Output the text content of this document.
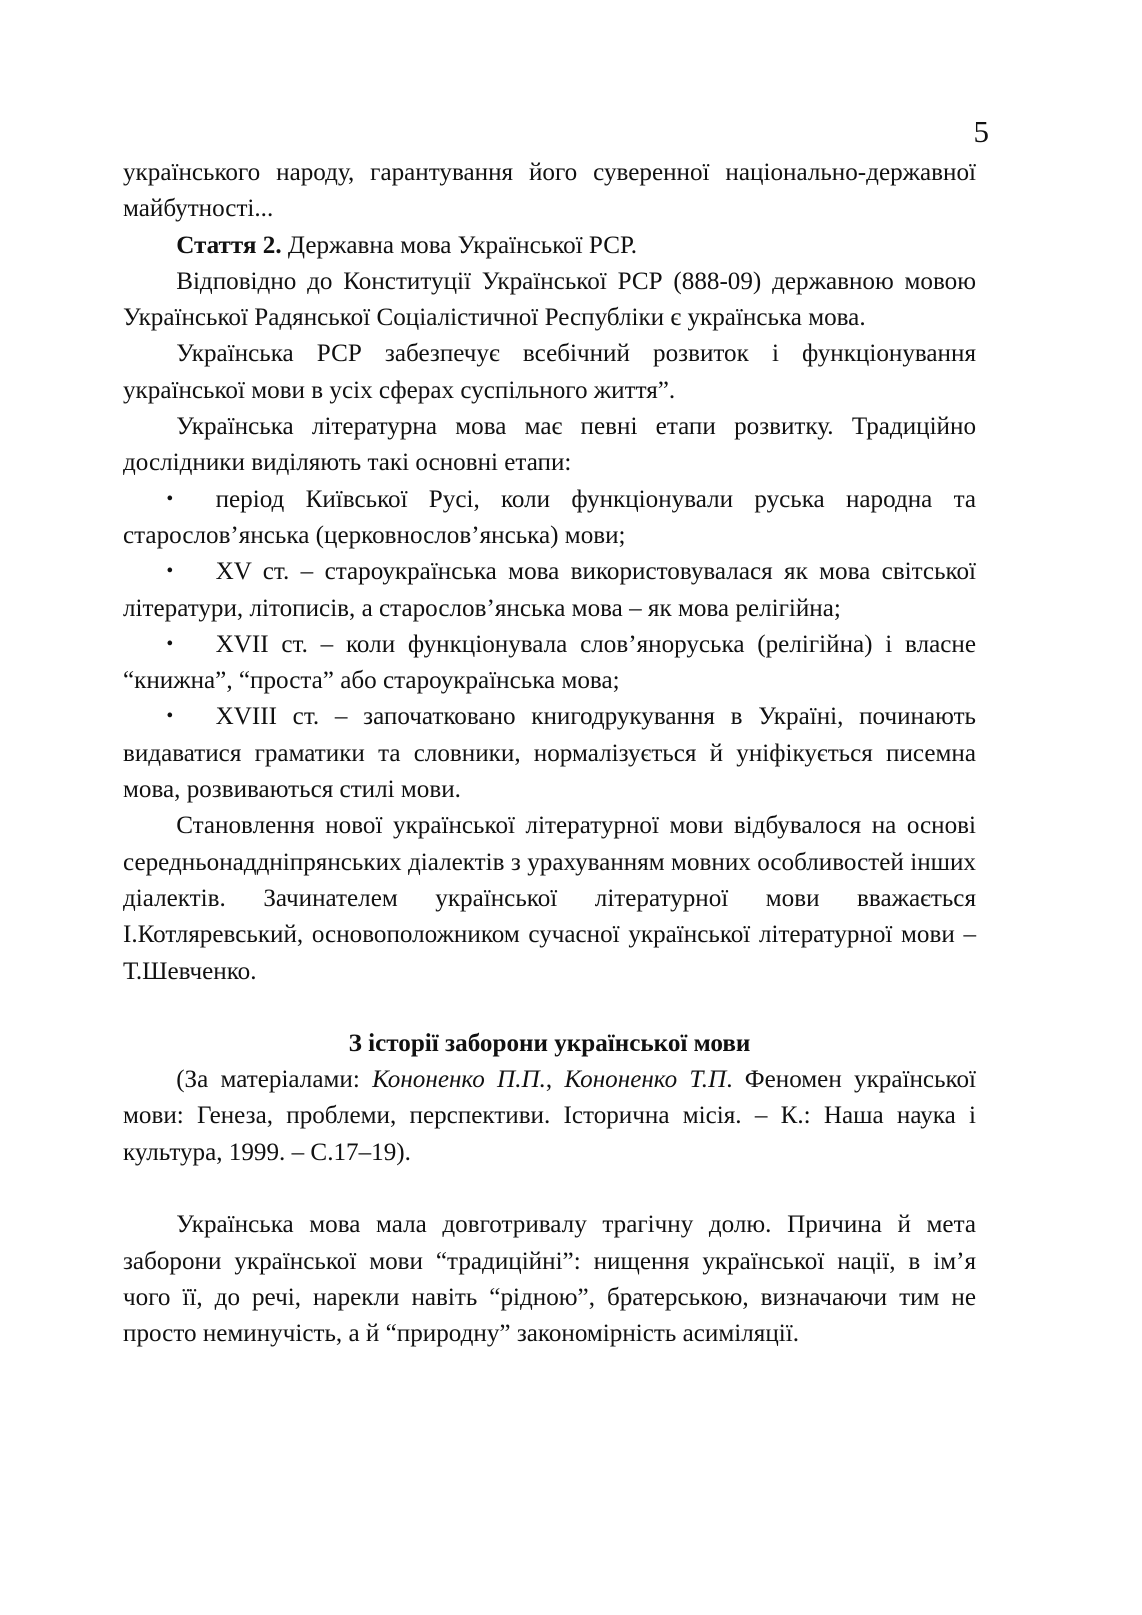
5

українського народу, гарантування його суверенної національно-державної майбутності...

Стаття 2. Державна мова Української РСР.

Відповідно до Конституції Української РСР (888-09) державною мовою Української Радянської Соціалістичної Республіки є українська мова.

Українська РСР забезпечує всебічний розвиток і функціонування української мови в усіх сферах суспільного життя”.

Українська літературна мова має певні етапи розвитку. Традиційно дослідники виділяють такі основні етапи:

• період Київської Русі, коли функціонували руська народна та старослов’янська (церковнослов’янська) мови;

• XV ст. – староукраїнська мова використовувалася як мова світської літератури, літописів, а старослов’янська мова – як мова релігійна;

• XVII ст. – коли функціонувала слов’яноруська (релігійна) і власне “книжна”, “проста” або староукраїнська мова;

• XVIII ст. – започатковано книгодрукування в Україні, починають видаватися граматики та словники, нормалізується й уніфікується писемна мова, розвиваються стилі мови.

Становлення нової української літературної мови відбувалося на основі середньонаддніпрянських діалектів з урахуванням мовних особливостей інших діалектів. Зачинателем української літературної мови вважається І.Котляревський, основоположником сучасної української літературної мови – Т.Шевченко.

З історії заборони української мови

(За матеріалами: Кононенко П.П., Кононенко Т.П. Феномен української мови: Генеза, проблеми, перспективи. Історична місія. – К.: Наша наука і культура, 1999. – С.17–19).

Українська мова мала довготривалу трагічну долю. Причина й мета заборони української мови “традиційні”: нищення української нації, в ім’я чого її, до речі, нарекли навіть “рідною”, братерською, визначаючи тим не просто неминучість, а й “природну” закономірність асиміляції.
